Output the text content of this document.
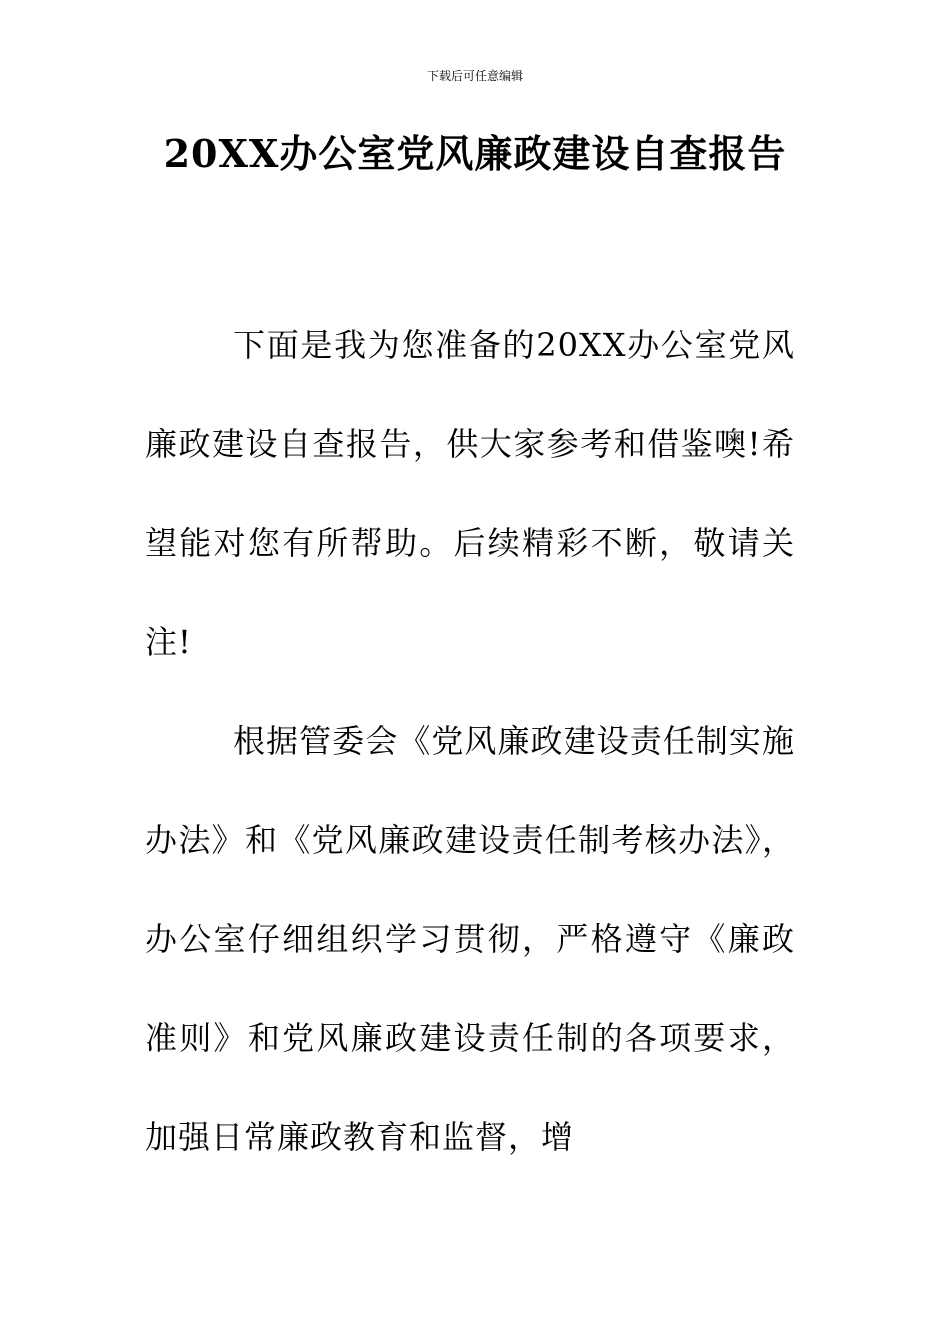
下载后可任意编辑
20XX办公室党风廉政建设自查报告

下面是我为您准备的20XX办公室党风廉政建设自查报告，供大家参考和借鉴噢!希望能对您有所帮助。后续精彩不断，敬请关注!

根据管委会《党风廉政建设责任制实施办法》和《党风廉政建设责任制考核办法》，办公室仔细组织学习贯彻，严格遵守《廉政准则》和党风廉政建设责任制的各项要求，加强日常廉政教育和监督，增
